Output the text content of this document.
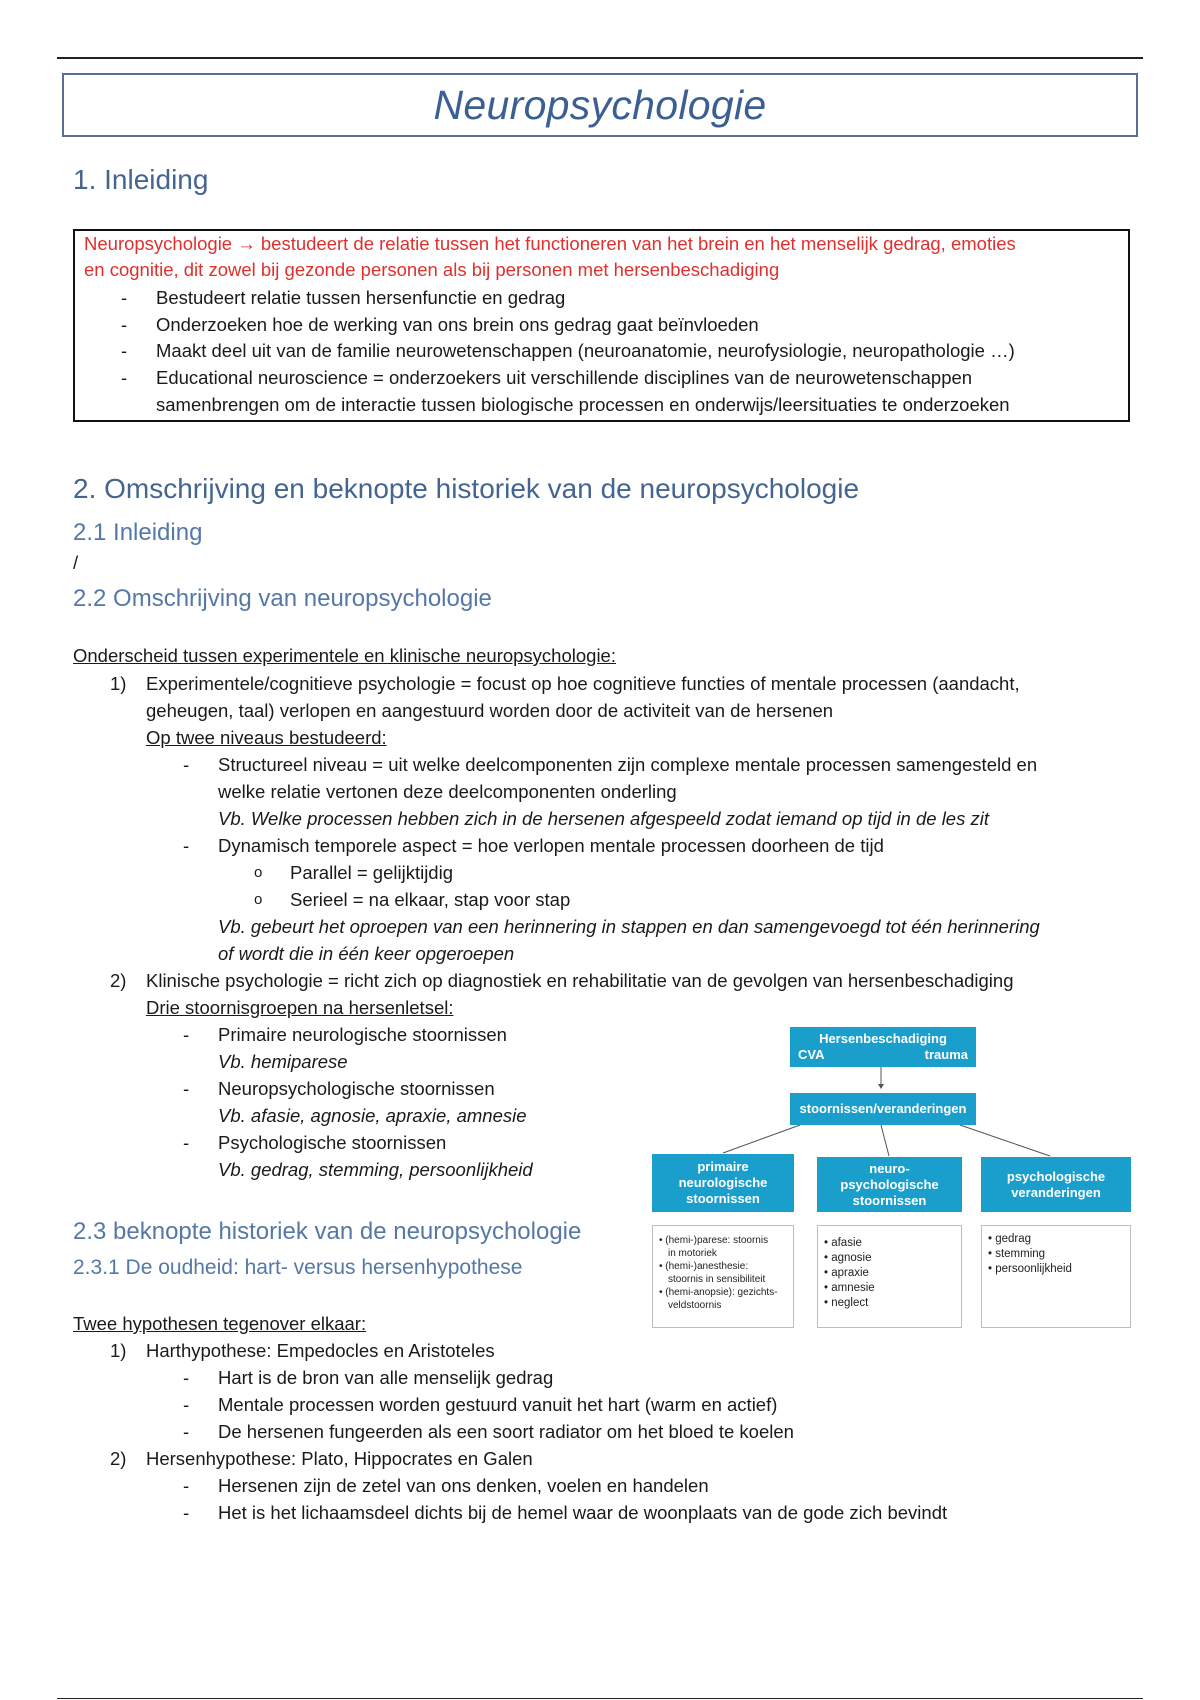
Neuropsychologie
1. Inleiding
Neuropsychologie → bestudeert de relatie tussen het functioneren van het brein en het menselijk gedrag, emoties
en cognitie, dit zowel bij gezonde personen als bij personen met hersenbeschadiging
- Bestudeert relatie tussen hersenfunctie en gedrag
- Onderzoeken hoe de werking van ons brein ons gedrag gaat beïnvloeden
- Maakt deel uit van de familie neurowetenschappen (neuroanatomie, neurofysiologie, neuropathologie …)
- Educational neuroscience = onderzoekers uit verschillende disciplines van de neurowetenschappen
samenbrengen om de interactie tussen biologische processen en onderwijs/leersituaties te onderzoeken
2. Omschrijving en beknopte historiek van de neuropsychologie
2.1 Inleiding
/
2.2 Omschrijving van neuropsychologie
Onderscheid tussen experimentele en klinische neuropsychologie:
1) Experimentele/cognitieve psychologie = focust op hoe cognitieve functies of mentale processen (aandacht,
geheugen, taal) verlopen en aangestuurd worden door de activiteit van de hersenen
Op twee niveaus bestudeerd:
- Structureel niveau = uit welke deelcomponenten zijn complexe mentale processen samengesteld en
welke relatie vertonen deze deelcomponenten onderling
Vb. Welke processen hebben zich in de hersenen afgespeeld zodat iemand op tijd in de les zit
- Dynamisch temporele aspect = hoe verlopen mentale processen doorheen de tijd
o Parallel = gelijktijdig
o Serieel = na elkaar, stap voor stap
Vb. gebeurt het oproepen van een herinnering in stappen en dan samengevoegd tot één herinnering
of wordt die in één keer opgeroepen
2) Klinische psychologie = richt zich op diagnostiek en rehabilitatie van de gevolgen van hersenbeschadiging
Drie stoornisgroepen na hersenletsel:
- Primaire neurologische stoornissen
Vb. hemiparese
- Neuropsychologische stoornissen
Vb. afasie, agnosie, apraxie, amnesie
- Psychologische stoornissen
Vb. gedrag, stemming, persoonlijkheid
2.3 beknopte historiek van de neuropsychologie
2.3.1 De oudheid: hart- versus hersenhypothese
Twee hypothesen tegenover elkaar:
1) Harthypothese: Empedocles en Aristoteles
- Hart is de bron van alle menselijk gedrag
- Mentale processen worden gestuurd vanuit het hart (warm en actief)
- De hersenen fungeerden als een soort radiator om het bloed te koelen
2) Hersenhypothese: Plato, Hippocrates en Galen
- Hersenen zijn de zetel van ons denken, voelen en handelen
- Het is het lichaamsdeel dichts bij de hemel waar de woonplaats van de gode zich bevindt
Hersenbeschadiging
CVA	trauma
stoornissen/veranderingen
primaire neurologische stoornissen
neuro-psychologische stoornissen
psychologische veranderingen
• (hemi-)parese: stoornis
in motoriek
• (hemi-)anesthesie:
stoornis in sensibiliteit
• (hemi-anopsie): gezichts-
veldstoornis
• afasie
• agnosie
• apraxie
• amnesie
• neglect
• gedrag
• stemming
• persoonlijkheid
